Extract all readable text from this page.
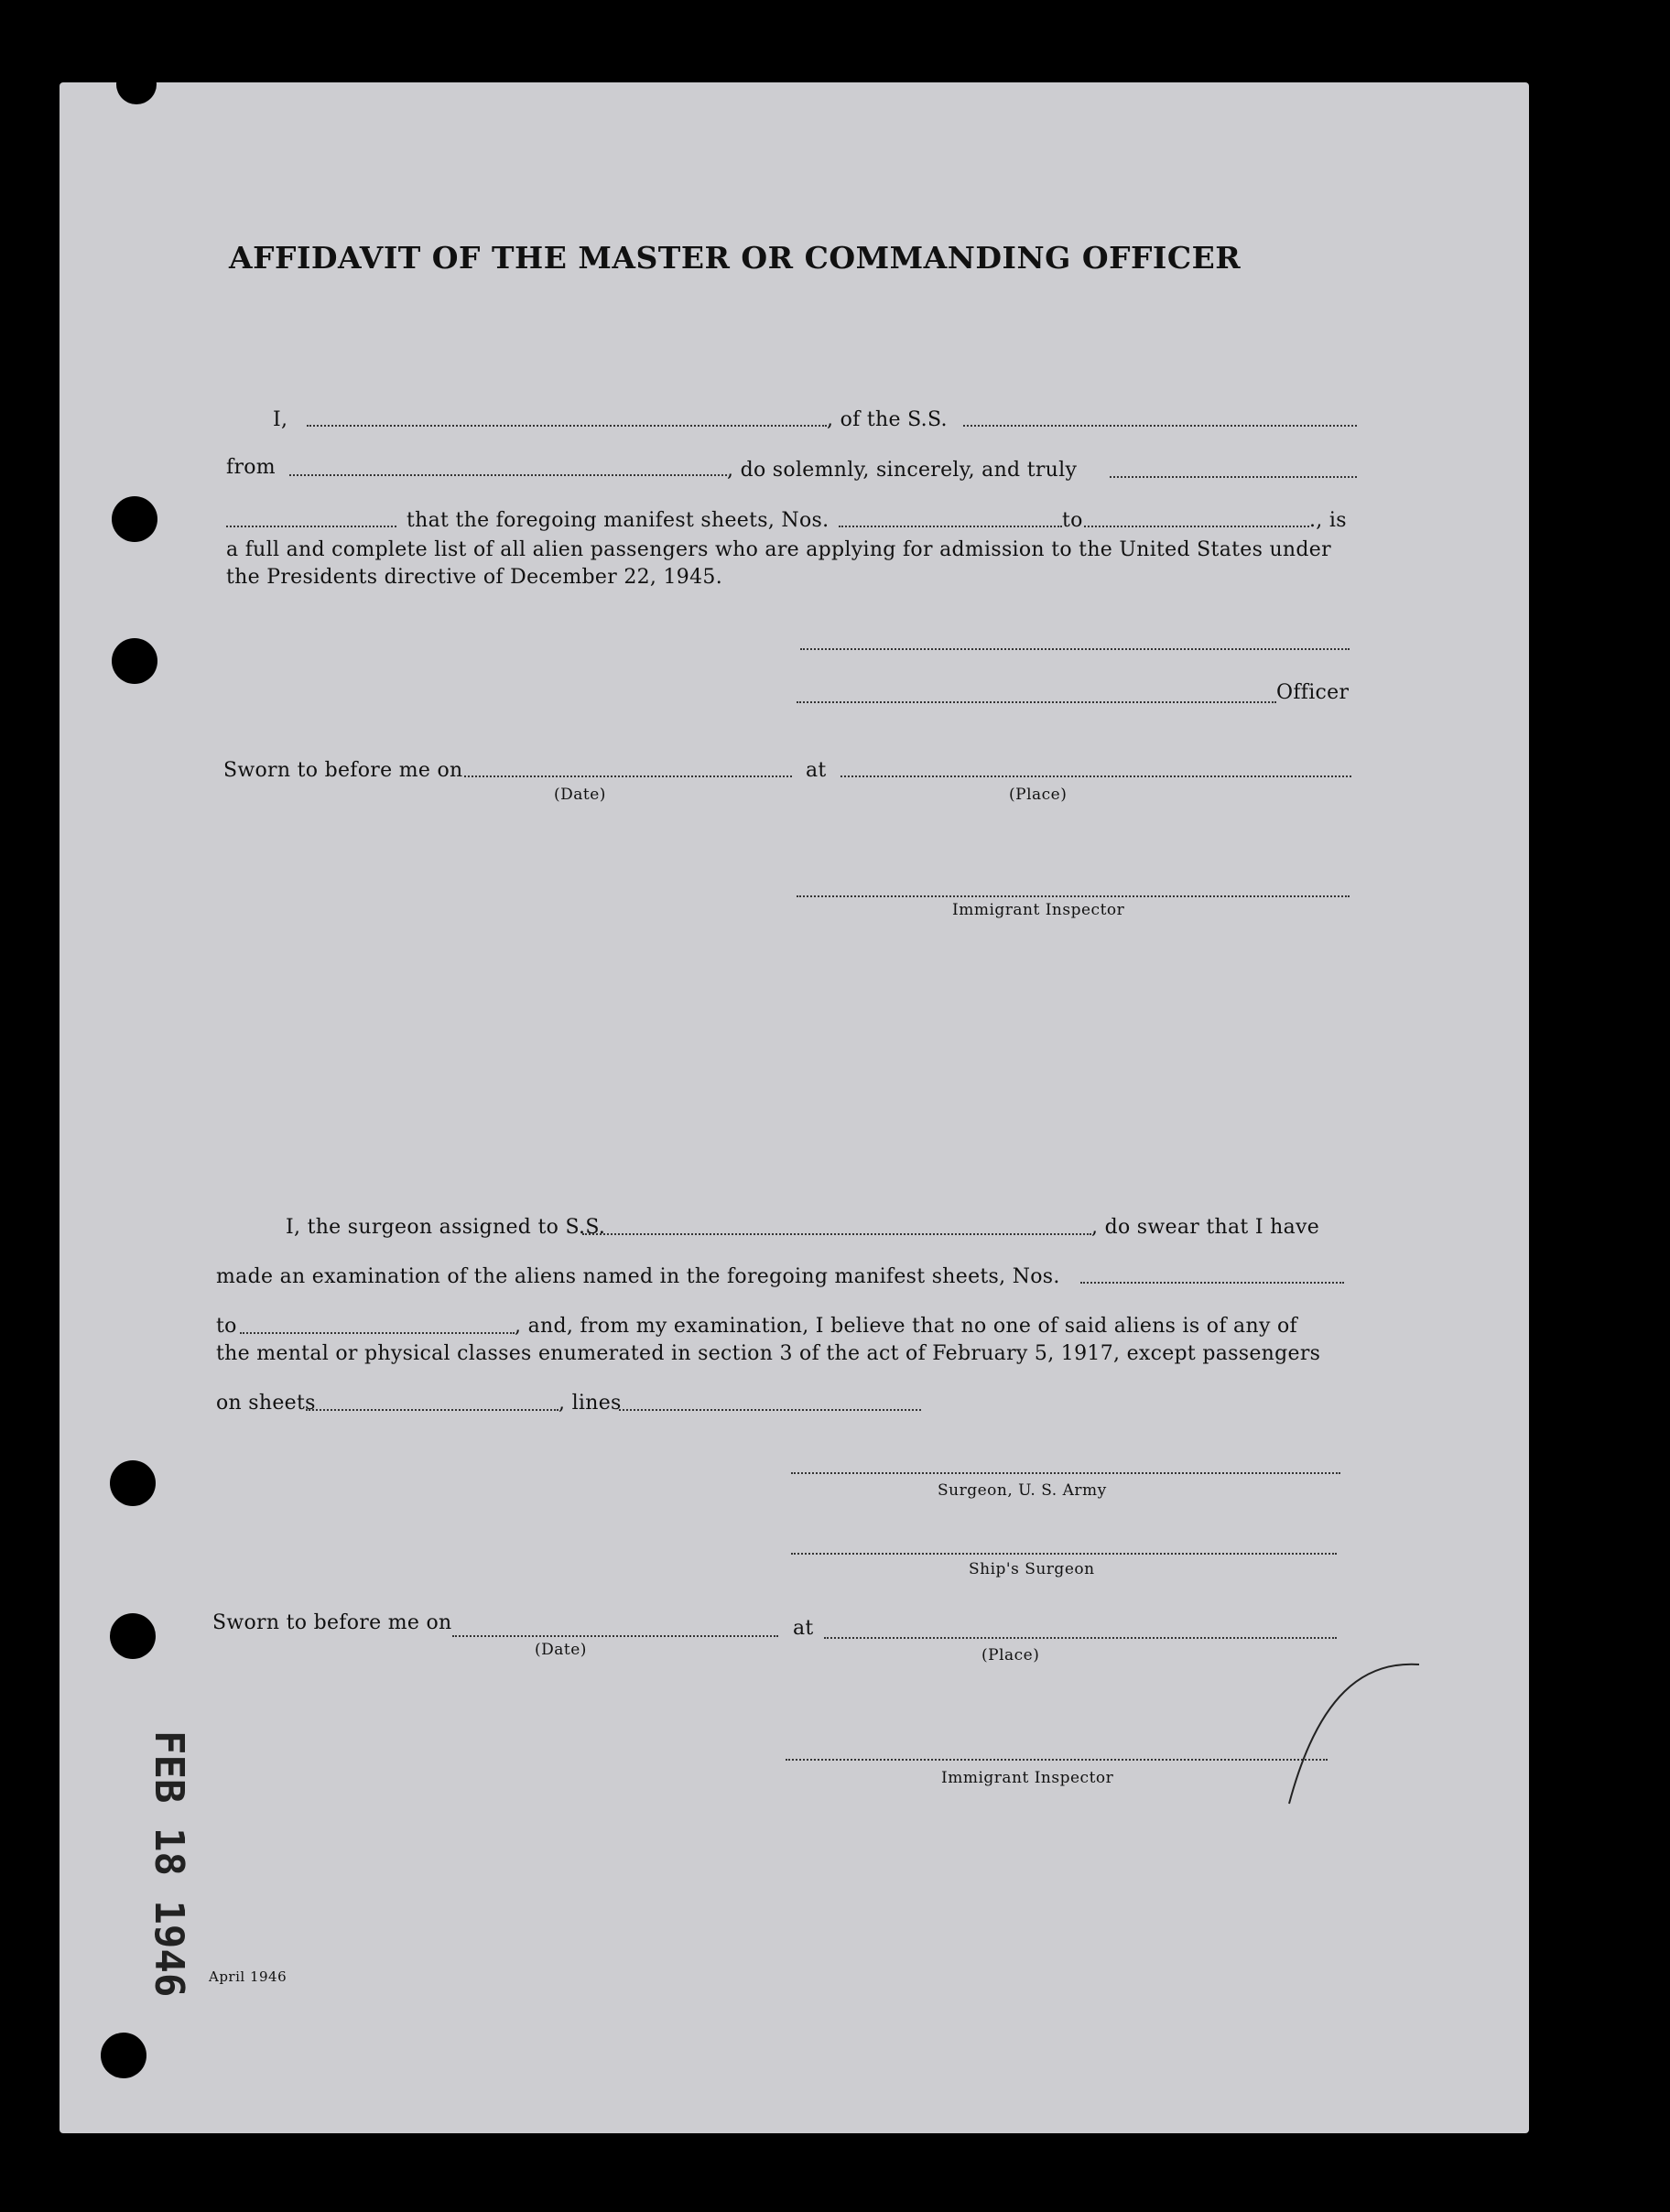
AFFIDAVIT OF THE MASTER OR COMMANDING OFFICER
I,	, of the S.S.
from	, do solemnly, sincerely, and truly
that the foregoing manifest sheets, Nos.	to	., is
a full and complete list of all alien passengers who are applying for admission to the United States under
the Presidents directive of December 22, 1945.
Officer
Sworn to before me on	at
(Date)	(Place)
Immigrant Inspector
I, the surgeon assigned to S.S.	, do swear that I have
made an examination of the aliens named in the foregoing manifest sheets, Nos.
to	, and, from my examination, I believe that no one of said aliens is of any of
the mental or physical classes enumerated in section 3 of the act of February 5, 1917, except passengers
on sheets	, lines
Surgeon, U. S. Army
Ship's Surgeon
Sworn to before me on	at
(Date)	(Place)
Immigrant Inspector
FEB 18 1946 April 1946
